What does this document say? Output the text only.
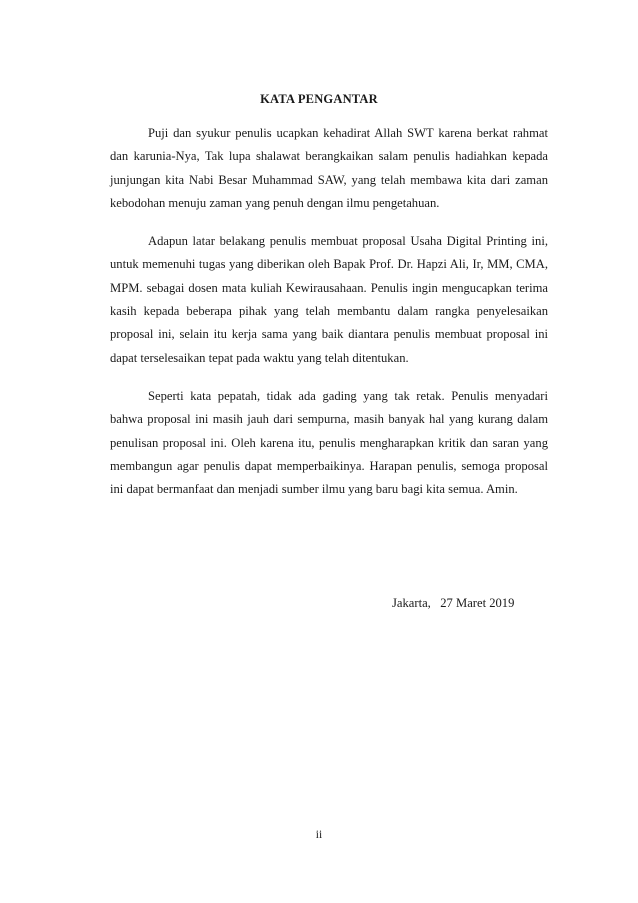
KATA PENGANTAR

Puji dan syukur penulis ucapkan kehadirat Allah SWT karena berkat rahmat dan karunia-Nya, Tak lupa shalawat berangkaikan salam penulis hadiahkan kepada junjungan kita Nabi Besar Muhammad SAW, yang telah membawa kita dari zaman kebodohan menuju zaman yang penuh dengan ilmu pengetahuan.

Adapun latar belakang penulis membuat proposal Usaha Digital Printing ini, untuk memenuhi tugas yang diberikan oleh Bapak Prof. Dr. Hapzi Ali, Ir, MM, CMA, MPM. sebagai dosen mata kuliah Kewirausahaan. Penulis ingin mengucapkan terima kasih kepada beberapa pihak yang telah membantu dalam rangka penyelesaikan proposal ini, selain itu kerja sama yang baik diantara penulis membuat proposal ini dapat terselesaikan tepat pada waktu yang telah ditentukan.

Seperti kata pepatah, tidak ada gading yang tak retak. Penulis menyadari bahwa proposal ini masih jauh dari sempurna, masih banyak hal yang kurang dalam penulisan proposal ini. Oleh karena itu, penulis mengharapkan kritik dan saran yang membangun agar penulis dapat memperbaikinya. Harapan penulis, semoga proposal ini dapat bermanfaat dan menjadi sumber ilmu yang baru bagi kita semua. Amin.

Jakarta,   27 Maret 2019

ii
